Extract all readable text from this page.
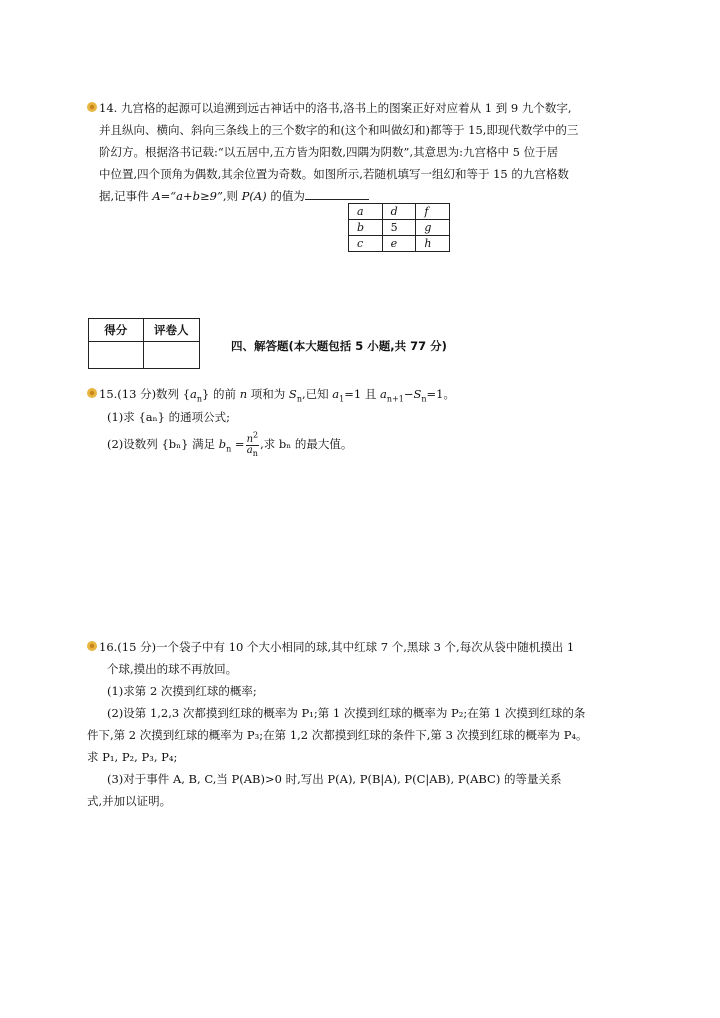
14. 九宫格的起源可以追溯到远古神话中的洛书,洛书上的图案正好对应着从 1 到 9 九个数字,
并且纵向、横向、斜向三条线上的三个数字的和(这个和叫做幻和)都等于 15,即现代数学中的三
阶幻方。根据洛书记载:“以五居中,五方皆为阳数,四隅为阴数”,其意思为:九宫格中 5 位于居
中位置,四个顶角为偶数,其余位置为奇数。如图所示,若随机填写一组幻和等于 15 的九宫格数
据,记事件 A=“a+b≥9”,则 P(A) 的值为
a	d	f
b	5	g
c	e	h
得分	评卷人

四、解答题(本大题包括 5 小题,共 77 分)
15.(13 分)数列 $\{a_n\}$ 的前 n 项和为 $S_n$,已知 $a_1=1$ 且 $a_{n+1}-S_n=1$。
(1)求 {aₙ} 的通项公式;
(2)设数列 {bₙ} 满足 $b_n = \frac{n^2}{a_n}$ ,求 bₙ 的最大值。
16.(15 分)一个袋子中有 10 个大小相同的球,其中红球 7 个,黑球 3 个,每次从袋中随机摸出 1
个球,摸出的球不再放回。
(1)求第 2 次摸到红球的概率;
(2)设第 1,2,3 次都摸到红球的概率为 P₁;第 1 次摸到红球的概率为 P₂;在第 1 次摸到红球的条
件下,第 2 次摸到红球的概率为 P₃;在第 1,2 次都摸到红球的条件下,第 3 次摸到红球的概率为 P₄。
求 P₁, P₂, P₃, P₄;
(3)对于事件 A, B, C,当 P(AB)>0 时,写出 P(A), P(B|A), P(C|AB), P(ABC) 的等量关系
式,并加以证明。
